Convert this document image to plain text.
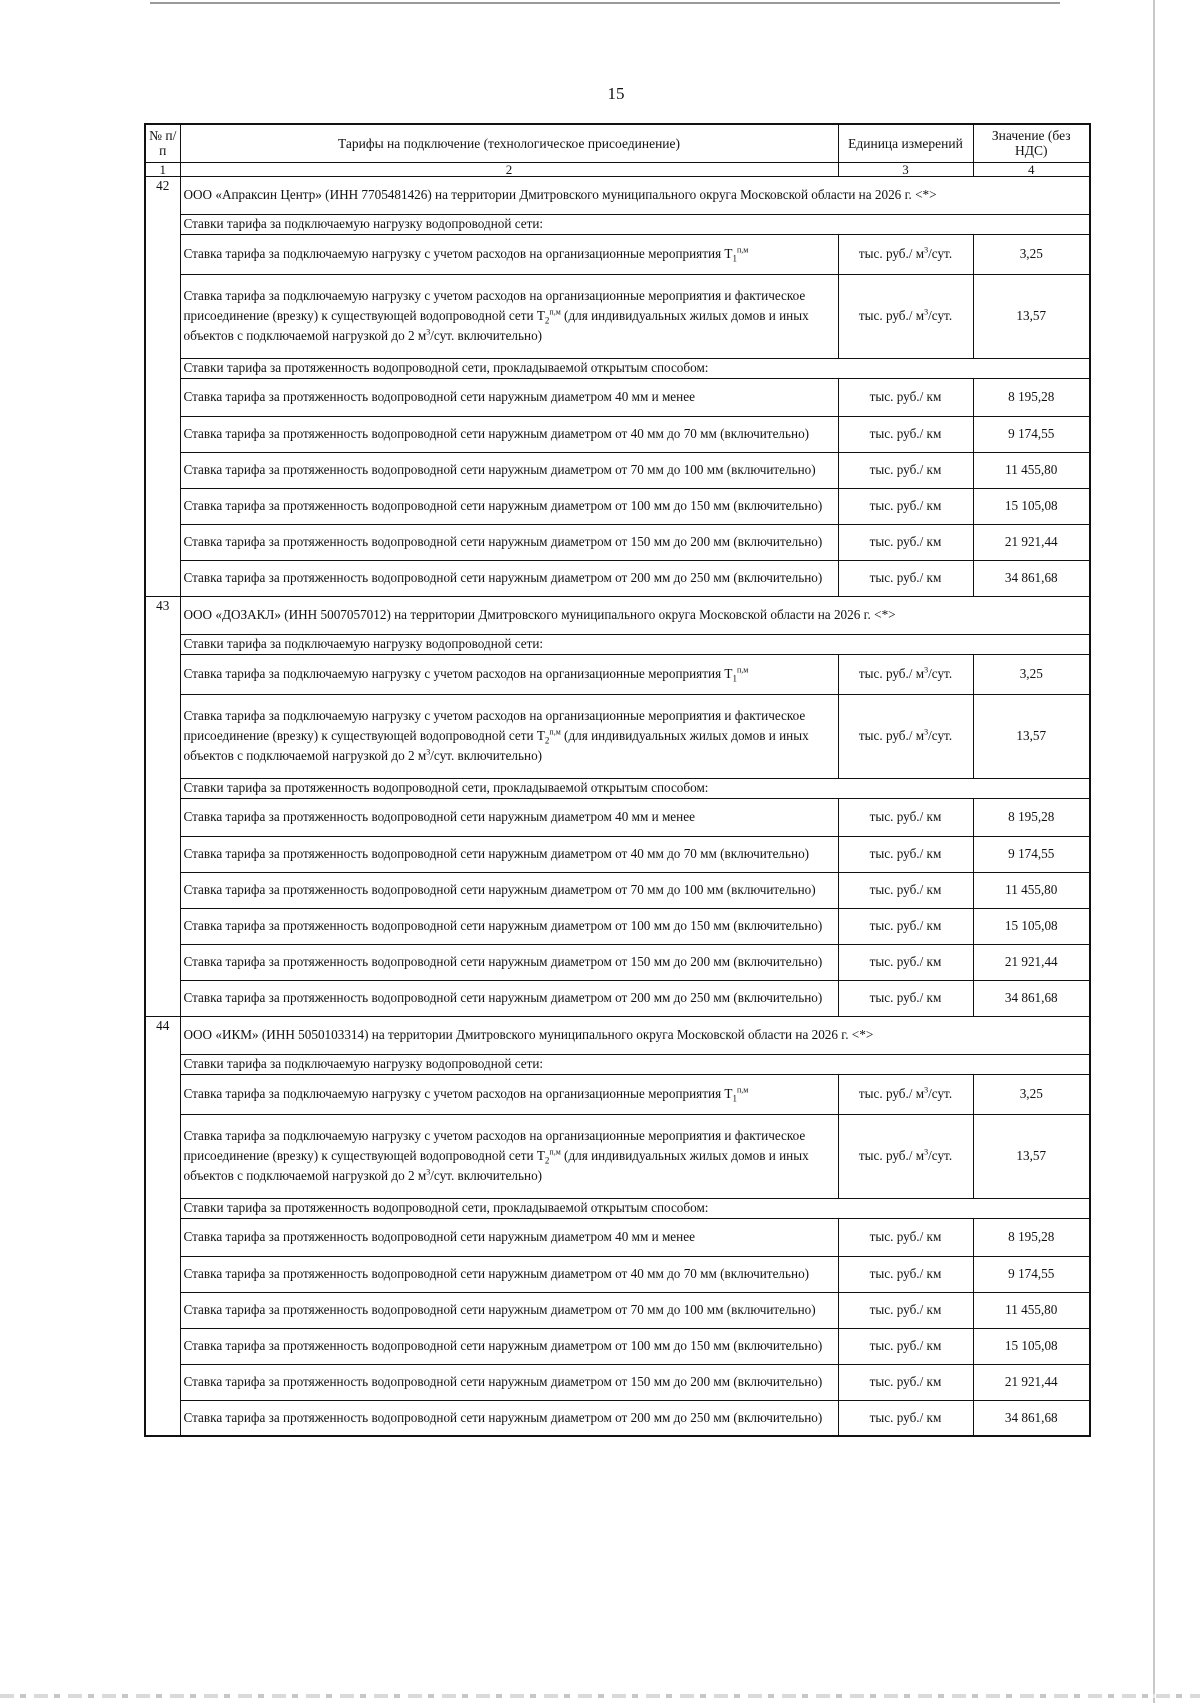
15
№ п/п	Тарифы на подключение (технологическое присоединение)	Единица измерений	Значение (без НДС)
1	2	3	4
42	ООО «Апраксин Центр» (ИНН 7705481426) на территории Дмитровского муниципального округа Московской области на 2026 г. <*>		
	Ставки тарифа за подключаемую нагрузку водопроводной сети:		
	Ставка тарифа за подключаемую нагрузку с учетом расходов на организационные мероприятия $T_1^{п,м}$	тыс. руб./ $м^3$/сут.	3,25
	Ставка тарифа за подключаемую нагрузку с учетом расходов на организационные мероприятия и фактическое присоединение (врезку) к существующей водопроводной сети $T_2^{п,м}$ (для индивидуальных жилых домов и иных объектов с подключаемой нагрузкой до 2 $м^3$/сут. включительно)	тыс. руб./ $м^3$/сут.	13,57
	Ставки тарифа за протяженность водопроводной сети, прокладываемой открытым способом:		
	Ставка тарифа за протяженность водопроводной сети наружным диаметром 40 мм и менее	тыс. руб./ км	8 195,28
	Ставка тарифа за протяженность водопроводной сети наружным диаметром от 40 мм до 70 мм (включительно)	тыс. руб./ км	9 174,55
	Ставка тарифа за протяженность водопроводной сети наружным диаметром от 70 мм до 100 мм (включительно)	тыс. руб./ км	11 455,80
	Ставка тарифа за протяженность водопроводной сети наружным диаметром от 100 мм до 150 мм (включительно)	тыс. руб./ км	15 105,08
	Ставка тарифа за протяженность водопроводной сети наружным диаметром от 150 мм до 200 мм (включительно)	тыс. руб./ км	21 921,44
	Ставка тарифа за протяженность водопроводной сети наружным диаметром от 200 мм до 250 мм (включительно)	тыс. руб./ км	34 861,68
43	ООО «ДОЗАКЛ» (ИНН 5007057012) на территории Дмитровского муниципального округа Московской области на 2026 г. <*>		
	Ставки тарифа за подключаемую нагрузку водопроводной сети:		
	Ставка тарифа за подключаемую нагрузку с учетом расходов на организационные мероприятия $T_1^{п,м}$	тыс. руб./ $м^3$/сут.	3,25
	Ставка тарифа за подключаемую нагрузку с учетом расходов на организационные мероприятия и фактическое присоединение (врезку) к существующей водопроводной сети $T_2^{п,м}$ (для индивидуальных жилых домов и иных объектов с подключаемой нагрузкой до 2 $м^3$/сут. включительно)	тыс. руб./ $м^3$/сут.	13,57
	Ставки тарифа за протяженность водопроводной сети, прокладываемой открытым способом:		
	Ставка тарифа за протяженность водопроводной сети наружным диаметром 40 мм и менее	тыс. руб./ км	8 195,28
	Ставка тарифа за протяженность водопроводной сети наружным диаметром от 40 мм до 70 мм (включительно)	тыс. руб./ км	9 174,55
	Ставка тарифа за протяженность водопроводной сети наружным диаметром от 70 мм до 100 мм (включительно)	тыс. руб./ км	11 455,80
	Ставка тарифа за протяженность водопроводной сети наружным диаметром от 100 мм до 150 мм (включительно)	тыс. руб./ км	15 105,08
	Ставка тарифа за протяженность водопроводной сети наружным диаметром от 150 мм до 200 мм (включительно)	тыс. руб./ км	21 921,44
	Ставка тарифа за протяженность водопроводной сети наружным диаметром от 200 мм до 250 мм (включительно)	тыс. руб./ км	34 861,68
44	ООО «ИКМ» (ИНН 5050103314) на территории Дмитровского муниципального округа Московской области на 2026 г. <*>		
	Ставки тарифа за подключаемую нагрузку водопроводной сети:		
	Ставка тарифа за подключаемую нагрузку с учетом расходов на организационные мероприятия $T_1^{п,м}$	тыс. руб./ $м^3$/сут.	3,25
	Ставка тарифа за подключаемую нагрузку с учетом расходов на организационные мероприятия и фактическое присоединение (врезку) к существующей водопроводной сети $T_2^{п,м}$ (для индивидуальных жилых домов и иных объектов с подключаемой нагрузкой до 2 $м^3$/сут. включительно)	тыс. руб./ $м^3$/сут.	13,57
	Ставки тарифа за протяженность водопроводной сети, прокладываемой открытым способом:		
	Ставка тарифа за протяженность водопроводной сети наружным диаметром 40 мм и менее	тыс. руб./ км	8 195,28
	Ставка тарифа за протяженность водопроводной сети наружным диаметром от 40 мм до 70 мм (включительно)	тыс. руб./ км	9 174,55
	Ставка тарифа за протяженность водопроводной сети наружным диаметром от 70 мм до 100 мм (включительно)	тыс. руб./ км	11 455,80
	Ставка тарифа за протяженность водопроводной сети наружным диаметром от 100 мм до 150 мм (включительно)	тыс. руб./ км	15 105,08
	Ставка тарифа за протяженность водопроводной сети наружным диаметром от 150 мм до 200 мм (включительно)	тыс. руб./ км	21 921,44
	Ставка тарифа за протяженность водопроводной сети наружным диаметром от 200 мм до 250 мм (включительно)	тыс. руб./ км	34 861,68
